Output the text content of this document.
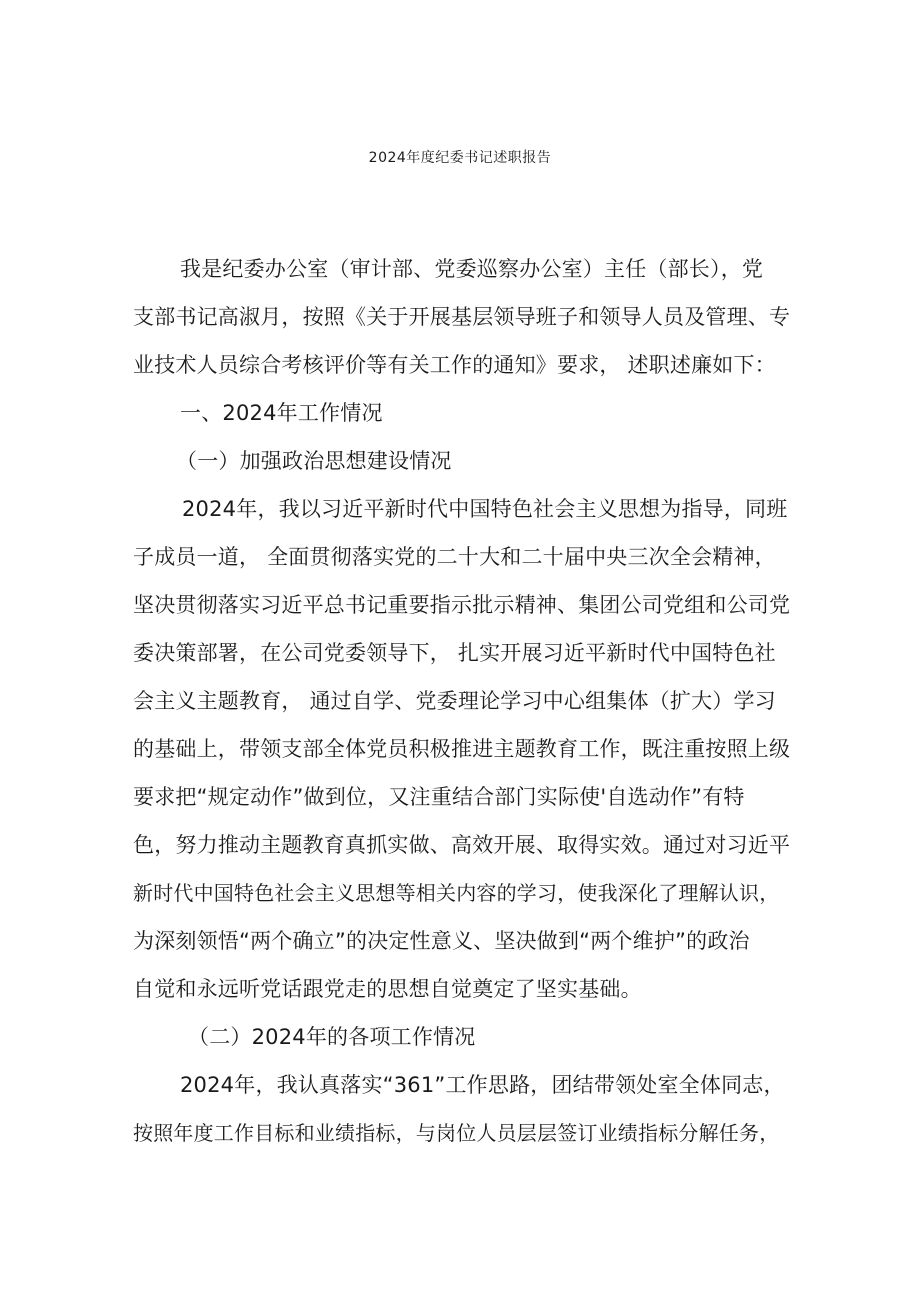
2024年度纪委书记述职报告
我是纪委办公室（审计部、党委巡察办公室）主任（部长），党
支部书记高淑月，按照《关于开展基层领导班子和领导人员及管理、专
业技术人员综合考核评价等有关工作的通知》要求， 述职述廉如下：
一、2024年工作情况
（一）加强政治思想建设情况
2024年，我以习近平新时代中国特色社会主义思想为指导，同班
子成员一道， 全面贯彻落实党的二十大和二十届中央三次全会精神，
坚决贯彻落实习近平总书记重要指示批示精神、集团公司党组和公司党
委决策部署，在公司党委领导下， 扎实开展习近平新时代中国特色社
会主义主题教育， 通过自学、党委理论学习中心组集体（扩大）学习
的基础上，带领支部全体党员积极推进主题教育工作，既注重按照上级
要求把“规定动作”做到位，又注重结合部门实际使'自选动作”有特
色，努力推动主题教育真抓实做、高效开展、取得实效。通过对习近平
新时代中国特色社会主义思想等相关内容的学习，使我深化了理解认识，
为深刻领悟“两个确立”的决定性意义、坚决做到“两个维护”的政治
自觉和永远听党话跟党走的思想自觉奠定了坚实基础。
（二）2024年的各项工作情况
2024年，我认真落实“361”工作思路，团结带领处室全体同志，
按照年度工作目标和业绩指标，与岗位人员层层签订业绩指标分解任务，
